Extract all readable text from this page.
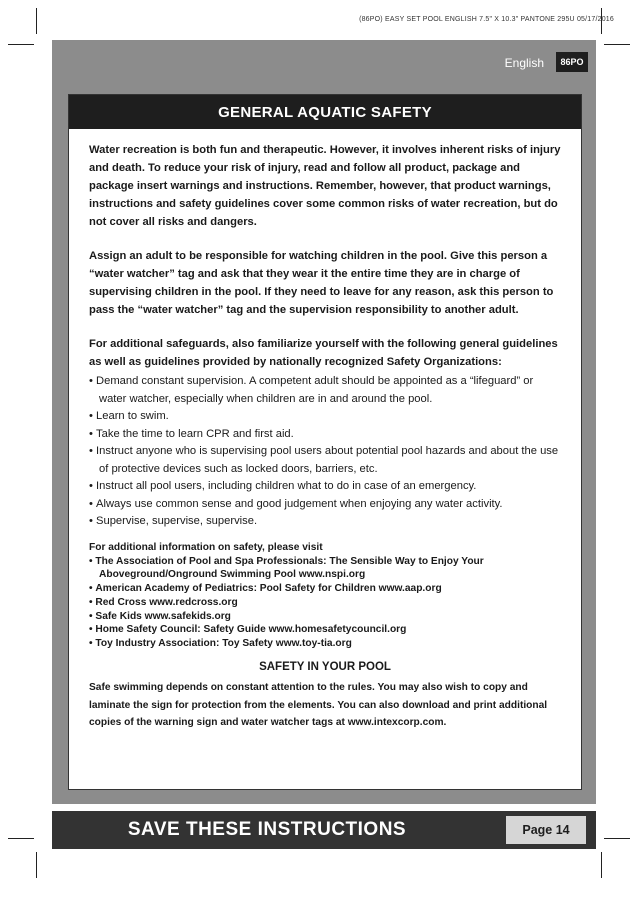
(86PO) EASY SET POOL ENGLISH 7.5" X 10.3" PANTONE 295U 05/17/2016
English	86PO
GENERAL AQUATIC SAFETY

Water recreation is both fun and therapeutic. However, it involves inherent risks of injury and death. To reduce your risk of injury, read and follow all product, package and package insert warnings and instructions. Remember, however, that product warnings, instructions and safety guidelines cover some common risks of water recreation, but do not cover all risks and dangers.

Assign an adult to be responsible for watching children in the pool. Give this person a “water watcher” tag and ask that they wear it the entire time they are in charge of supervising children in the pool. If they need to leave for any reason, ask this person to pass the “water watcher” tag and the supervision responsibility to another adult.

For additional safeguards, also familiarize yourself with the following general guidelines as well as guidelines provided by nationally recognized Safety Organizations:

• Demand constant supervision. A competent adult should be appointed as a “lifeguard” or water watcher, especially when children are in and around the pool.
• Learn to swim.
• Take the time to learn CPR and first aid.
• Instruct anyone who is supervising pool users about potential pool hazards and about the use of protective devices such as locked doors, barriers, etc.
• Instruct all pool users, including children what to do in case of an emergency.
• Always use common sense and good judgement when enjoying any water activity.
• Supervise, supervise, supervise.

For additional information on safety, please visit

• The Association of Pool and Spa Professionals: The Sensible Way to Enjoy Your Aboveground/Onground Swimming Pool www.nspi.org
• American Academy of Pediatrics: Pool Safety for Children www.aap.org
• Red Cross www.redcross.org
• Safe Kids www.safekids.org
• Home Safety Council: Safety Guide www.homesafetycouncil.org
• Toy Industry Association: Toy Safety www.toy-tia.org
SAFETY IN YOUR POOL

Safe swimming depends on constant attention to the rules. You may also wish to copy and laminate the sign for protection from the elements. You can also download and print additional copies of the warning sign and water watcher tags at www.intexcorp.com.

SAVE THESE INSTRUCTIONS	Page 14
